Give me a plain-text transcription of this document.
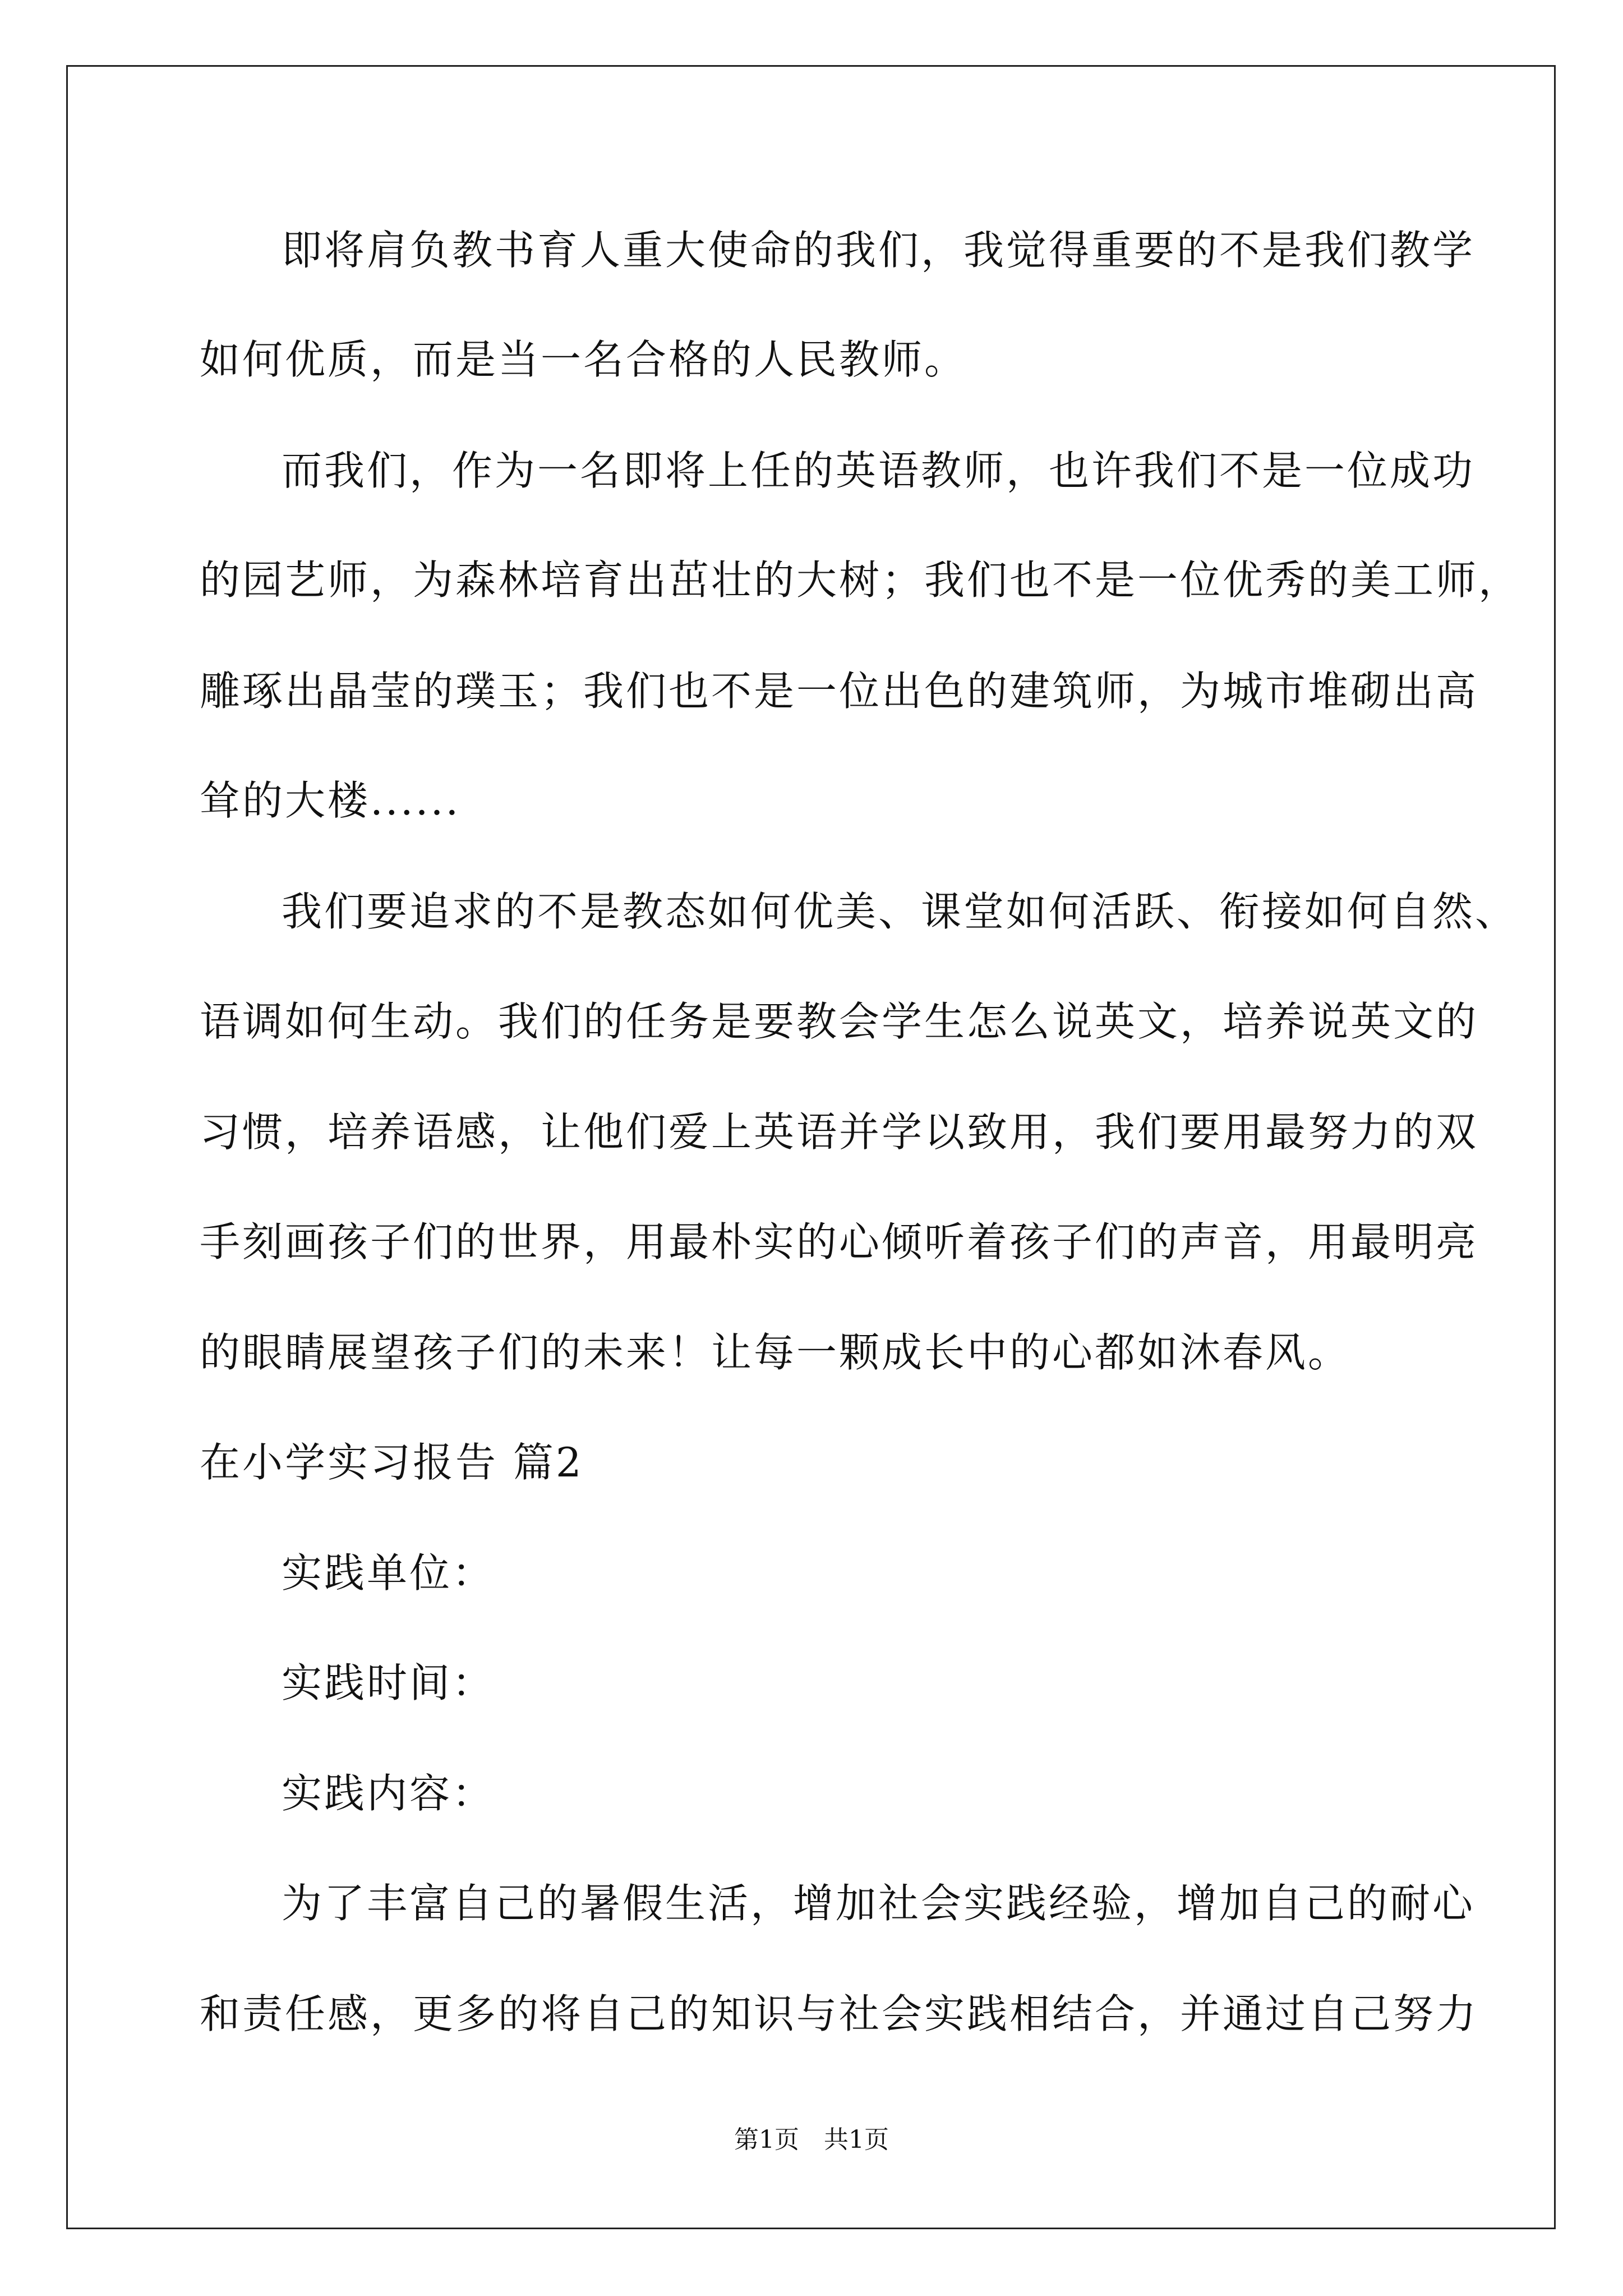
即将肩负教书育人重大使命的我们，我觉得重要的不是我们教学
如何优质，而是当一名合格的人民教师。
而我们，作为一名即将上任的英语教师，也许我们不是一位成功
的园艺师，为森林培育出茁壮的大树；我们也不是一位优秀的美工师，
雕琢出晶莹的璞玉；我们也不是一位出色的建筑师，为城市堆砌出高
耸的大楼......
我们要追求的不是教态如何优美、课堂如何活跃、衔接如何自然、
语调如何生动。我们的任务是要教会学生怎么说英文，培养说英文的
习惯，培养语感，让他们爱上英语并学以致用，我们要用最努力的双
手刻画孩子们的世界，用最朴实的心倾听着孩子们的声音，用最明亮
的眼睛展望孩子们的未来！让每一颗成长中的心都如沐春风。
在小学实习报告 篇2
实践单位：
实践时间：
实践内容：
为了丰富自己的暑假生活，增加社会实践经验，增加自己的耐心
和责任感，更多的将自己的知识与社会实践相结合，并通过自己努力
第1页　共1页
